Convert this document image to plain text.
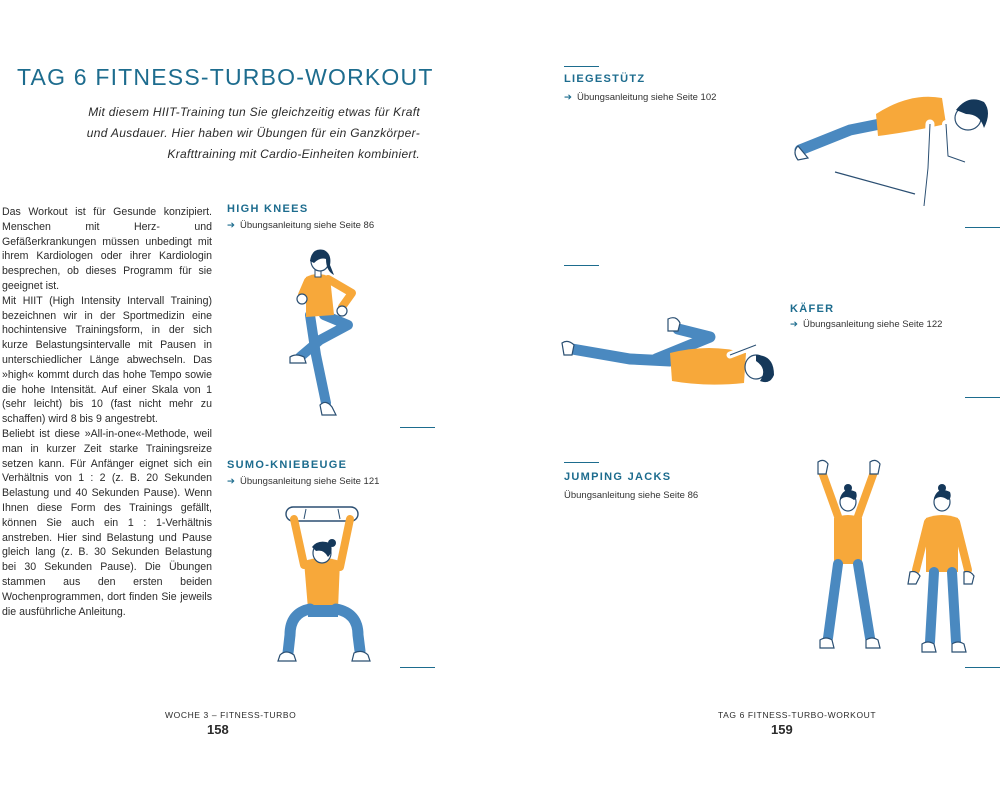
TAG 6 FITNESS-TURBO-WORKOUT
Mit diesem HIIT-Training tun Sie gleichzeitig etwas für Kraft
und Ausdauer. Hier haben wir Übungen für ein Ganzkörper-
Krafttraining mit Cardio-Einheiten kombiniert.

Das Workout ist für Gesunde konzipiert. Menschen mit Herz- und Gefäßerkrankungen müssen unbedingt mit ihrem Kardiologen oder ihrer Kardiologin besprechen, ob dieses Programm für sie geeignet ist.

Mit HIIT (High Intensity Intervall Training) bezeichnen wir in der Sportmedizin eine hochintensive Trainingsform, in der sich kurze Belastungsintervalle mit Pausen in unterschiedlicher Länge abwechseln. Das »high« kommt durch das hohe Tempo sowie die hohe Intensität. Auf einer Skala von 1 (sehr leicht) bis 10 (fast nicht mehr zu schaffen) wird 8 bis 9 angestrebt.

Beliebt ist diese »All-in-one«-Methode, weil man in kurzer Zeit starke Trainingsreize setzen kann. Für Anfänger eignet sich ein Verhältnis von 1 : 2 (z. B. 20 Sekunden Belastung und 40 Sekunden Pause). Wenn Ihnen diese Form des Trainings gefällt, können Sie auch ein 1 : 1-Verhältnis anstreben. Hier sind Belastung und Pause gleich lang (z. B. 30 Sekunden Belastung bei 30 Sekunden Pause). Die Übungen stammen aus den ersten beiden Wochenprogrammen, dort finden Sie jeweils die ausführliche Anleitung.

HIGH KNEES
➔ Übungsanleitung siehe Seite 86
SUMO-KNIEBEUGE
➔ Übungsanleitung siehe Seite 121
WOCHE 3 – FITNESS-TURBO
158
LIEGESTÜTZ
➔ Übungsanleitung siehe Seite 102
KÄFER
➔ Übungsanleitung siehe Seite 122
JUMPING JACKS
Übungsanleitung siehe Seite 86
TAG 6 FITNESS-TURBO-WORKOUT
159
